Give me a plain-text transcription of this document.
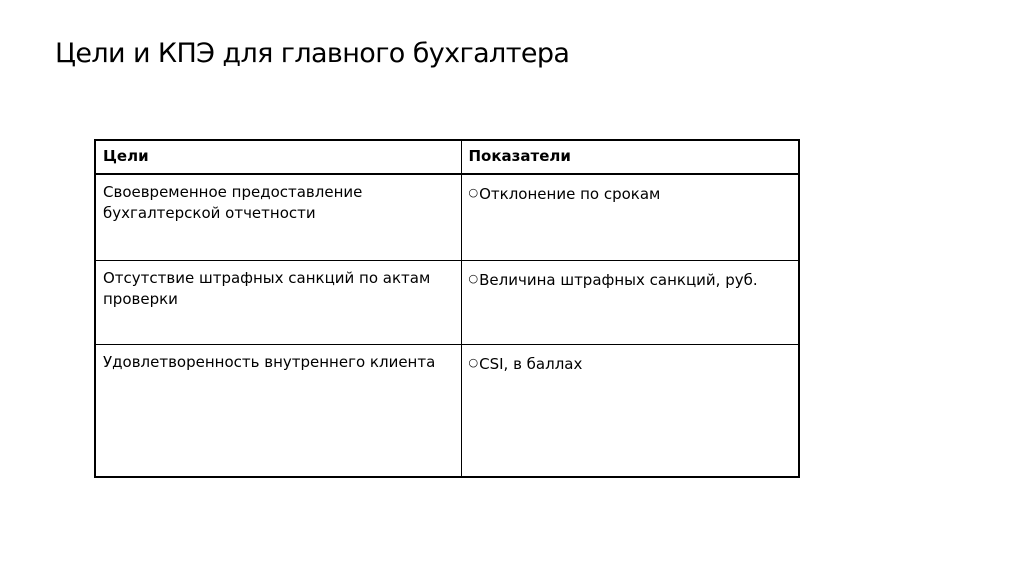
Цели и КПЭ для главного бухгалтера
Цели	Показатели
Своевременное предоставление бухгалтерской отчетности	○Отклонение по срокам
Отсутствие штрафных санкций по актам проверки	○Величина штрафных санкций, руб.
Удовлетворенность внутреннего клиента	○CSI, в баллах
